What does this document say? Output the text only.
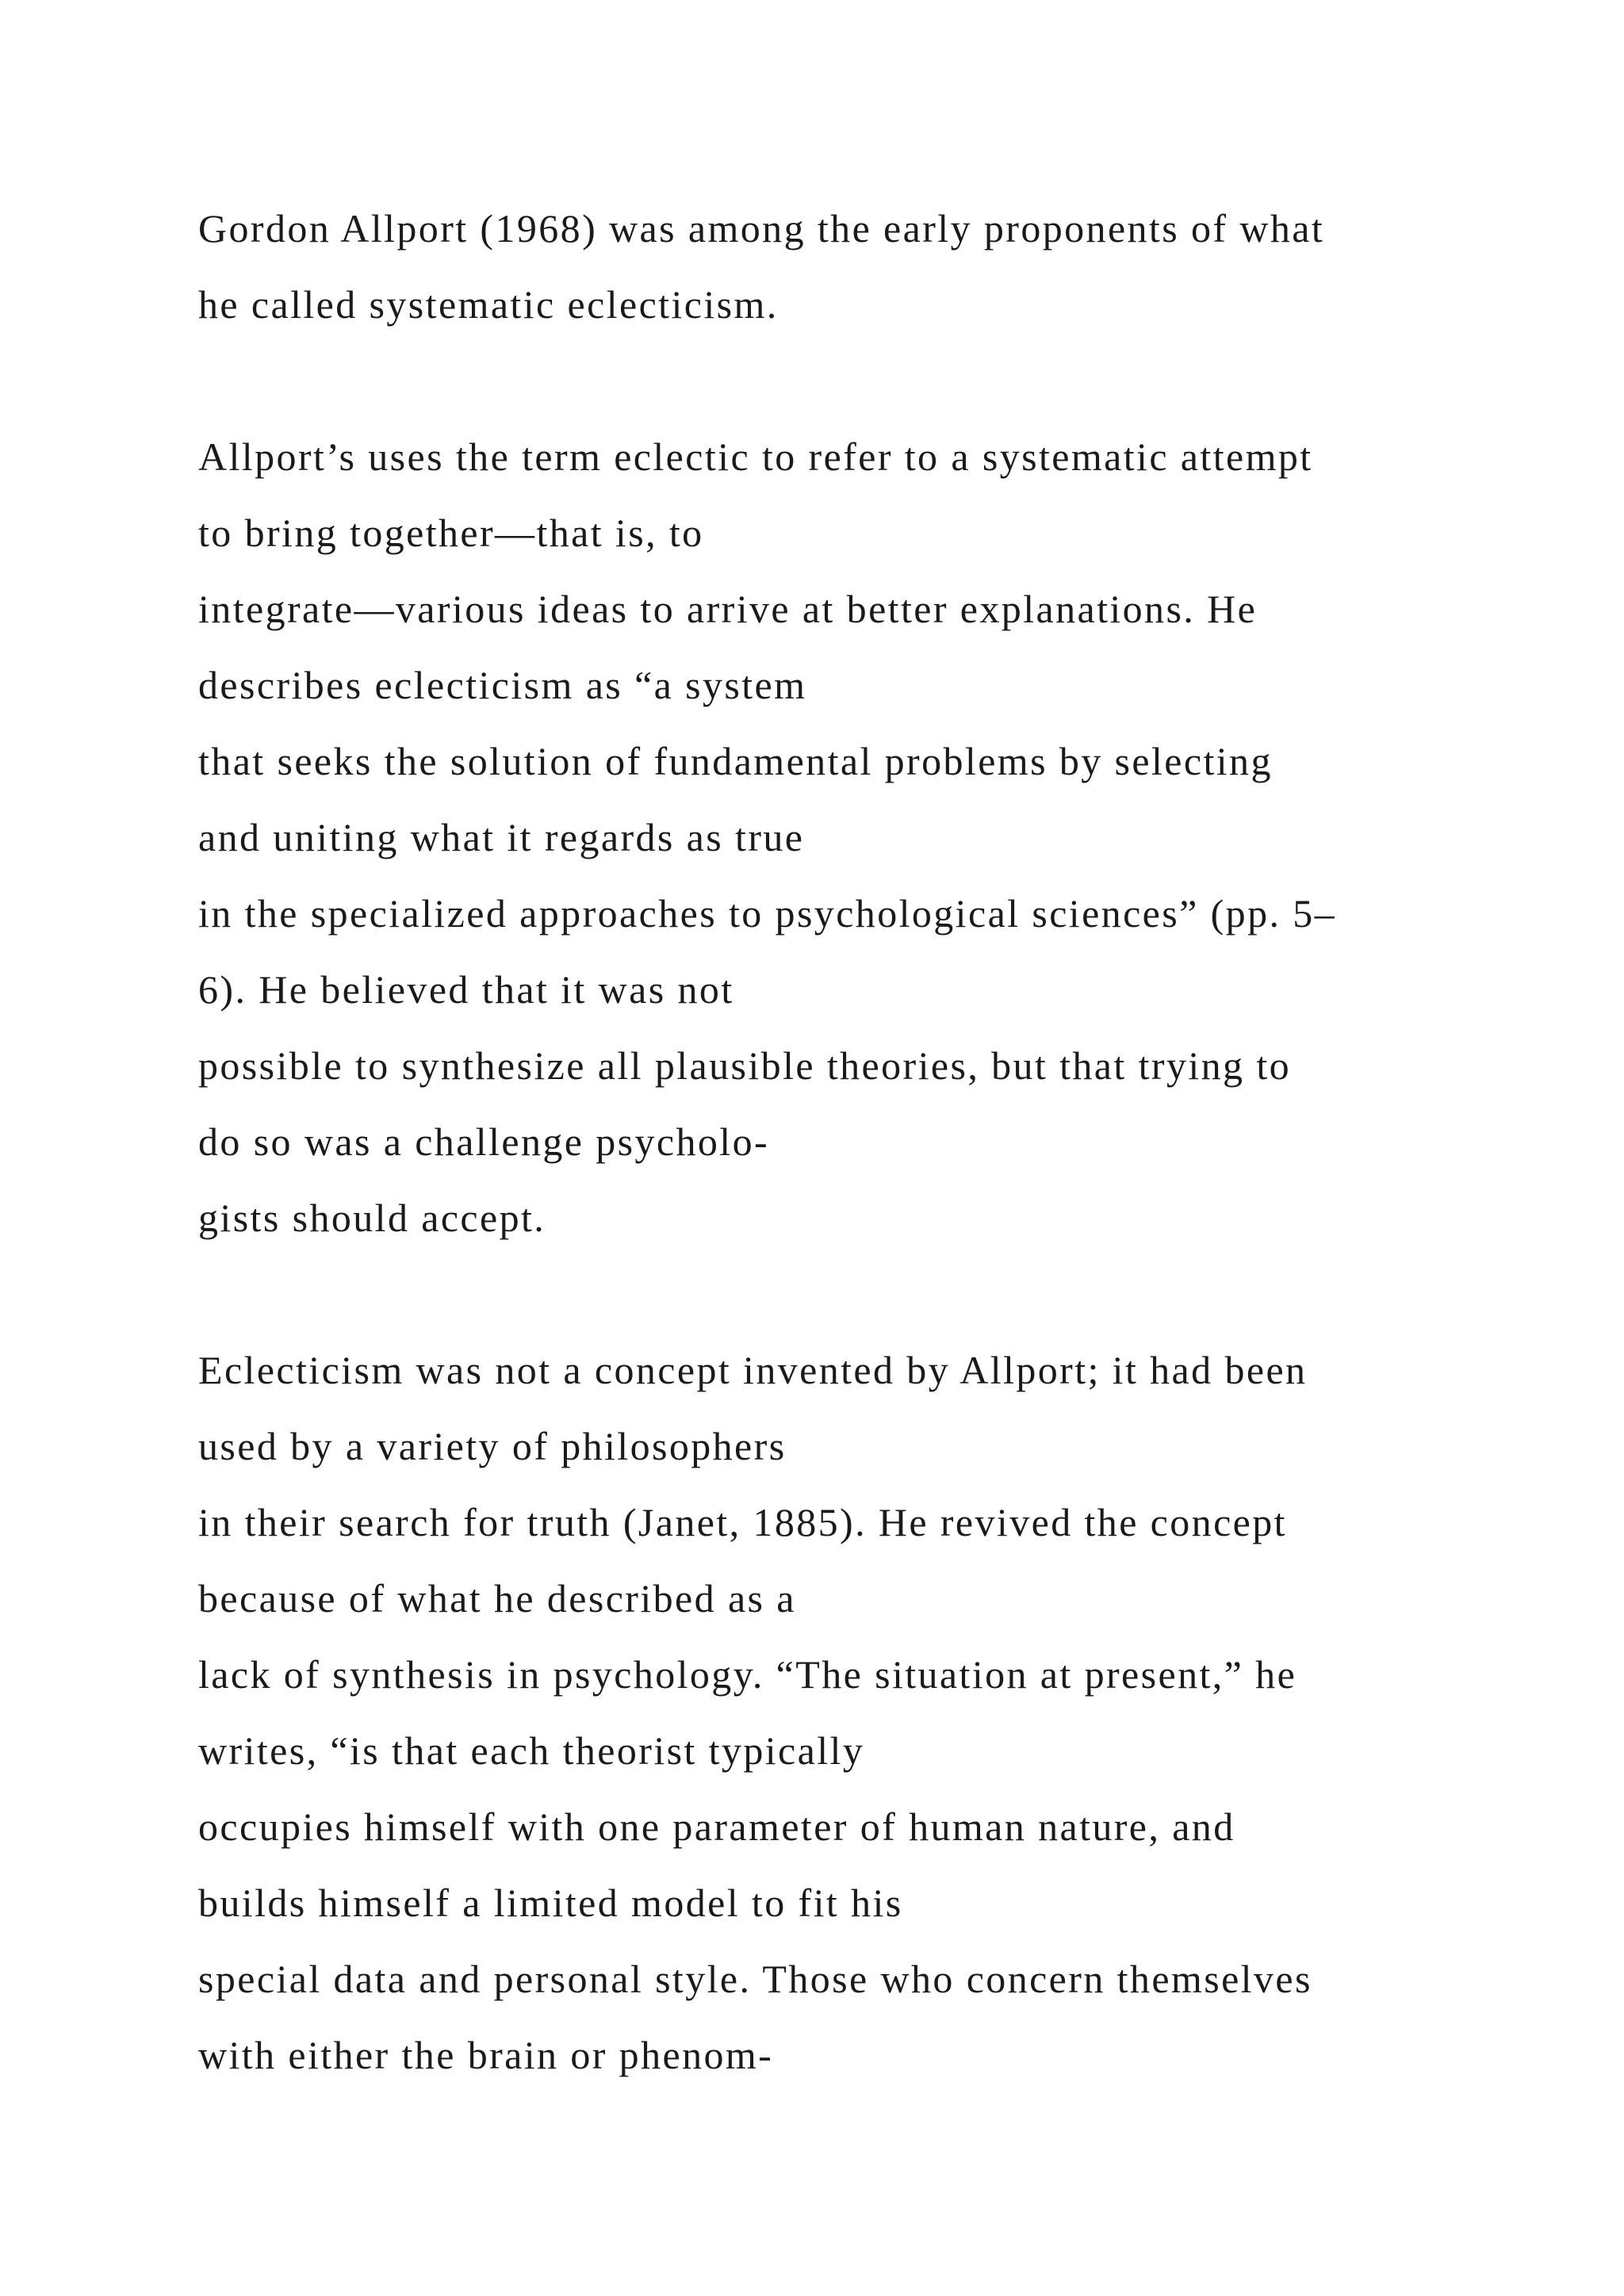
Gordon Allport (1968) was among the early proponents of what
he called systematic eclecticism.
Allport’s uses the term eclectic to refer to a systematic attempt
to bring together—that is, to
integrate—various ideas to arrive at better explanations. He
describes eclecticism as “a system
that seeks the solution of fundamental problems by selecting
and uniting what it regards as true
in the specialized approaches to psychological sciences” (pp. 5–
6). He believed that it was not
possible to synthesize all plausible theories, but that trying to
do so was a challenge psycholo-
gists should accept.
Eclecticism was not a concept invented by Allport; it had been
used by a variety of philosophers
in their search for truth (Janet, 1885). He revived the concept
because of what he described as a
lack of synthesis in psychology. “The situation at present,” he
writes, “is that each theorist typically
occupies himself with one parameter of human nature, and
builds himself a limited model to fit his
special data and personal style. Those who concern themselves
with either the brain or phenom-
